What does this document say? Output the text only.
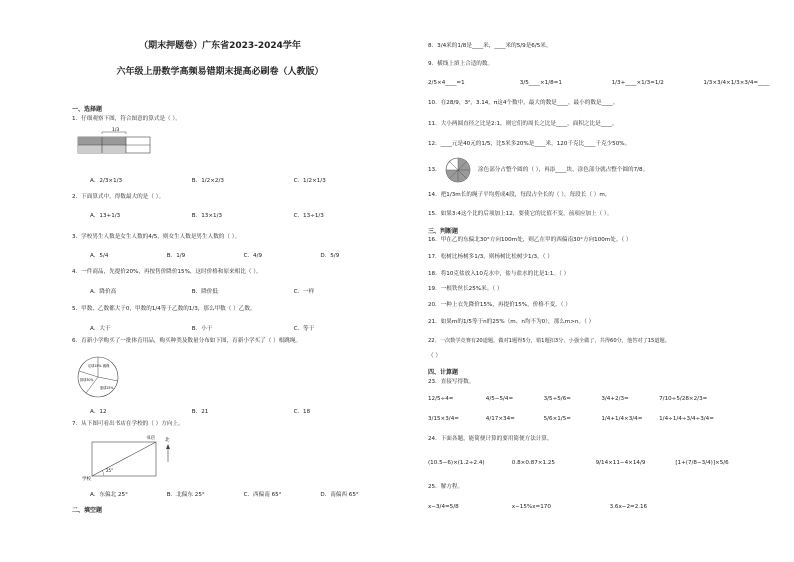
（期末押题卷）广东省2023-2024学年
六年级上册数学高频易错期末提高必刷卷（人教版）
一、选择题
1．仔细观察下图，符合图意的算式是（ ）。
1/3
A．2/3×1/3	B．1/2×2/3	C．1/2×1/3
2．下面算式中，得数最大的是（ ）。
A．13+1/3	B．13×1/3	C．13÷1/3
3．学校男生人数是女生人数的4/5，则女生人数是男生人数的（ ）。
A．5/4	B．1/9	C．4/9	D．5/9
4．一件商品，先提价20%，再按售价降价15%，这时价格和原来相比（ ）。
A．降价高	B．降价低	C．一样
5．甲数、乙数都大于0，甲数的1/4等于乙数的1/3，那么甲数（ ）乙数。
A．大于	B．小于	C．等于
6．育新小学购买了一批体育用品，购买种类及数量分布如下图，育新小学买了（ ）根跳绳。
足球15% 跳绳
排球30%
篮球25%
A．12	B．21	C．18
7．从下图可看出书店在学校的（ ）方向上。
25°
书店
学校
北
A．东偏北 25°	B．北偏东 25°	C．西偏南 65°	D．南偏西 65°
二、填空题
8．3/4米的1/8是____米，____米的5/9是6/5米。
9．横线上填上合适的数。
2/5×4____=1	3/5____×1/8=1	1/3+____×1/3=1/2	1/3×3/4×1/3×3/4=____
10．在28/9，3²，3.14，π这4个数中，最大的数是____，最小的数是____。
11．大小两圆直径之比是2:1，则它们的周长之比是____，面积之比是____。
12．____元是40元的1/5，比5米多20%是____米，120千克比____千克少50%。
13．	涂色部分占整个圆的（ ），再添____块，涂色部分就占整个圆的7/8。
14．把1/3m长的绳子平均剪成4段，每段占全长的（ ），每段长（ ）m。
15．如果3:4这个比的后项加上12，要使它的比值不变，前项应加上（ ）。
三、判断题
16．甲在乙的东偏北30°方向100m处，则乙在甲的西偏南30°方向100m处。（ ）
17．松树比杨树多1/3，则杨树比松树少1/3。（ ）
18．将10克盐放入10克水中，盐与盐水的比是1:1。（ ）
19．一根铁丝长25%米。（ ）
20．一种上衣先降价15%，再提价15%，价格不变。（ ）
21．如果m的1/5等于n的25%（m、n均不为0），那么m>n。（ ）
22．一次数学竞赛有20道题，做对1题得5分，错1题扣3分，小强全做了，共得60分，他答对了15道题。
（ ）
四、计算题
23．直接写得数。
12/5÷4=	4/5−5/4=	3/5÷5/6=	3/4+2/3=	7/10÷5/28×2/3=
3/15×3/4=	4/17×34=	5/6×1/5=	1/4+1/4×3/4=	1/4÷1/4÷3/4÷3/4=
24．下面各题，能简便计算的要用简便方法计算。
(10.5−6)×(1.2÷2.4)	0.8×0.87×1.25	9/14×11−4×14/9	[1+(7/8−3/4)]×5/6
25．解方程。
x−3/4=5/8	x−15%x=170	3.6x−2=2.16
